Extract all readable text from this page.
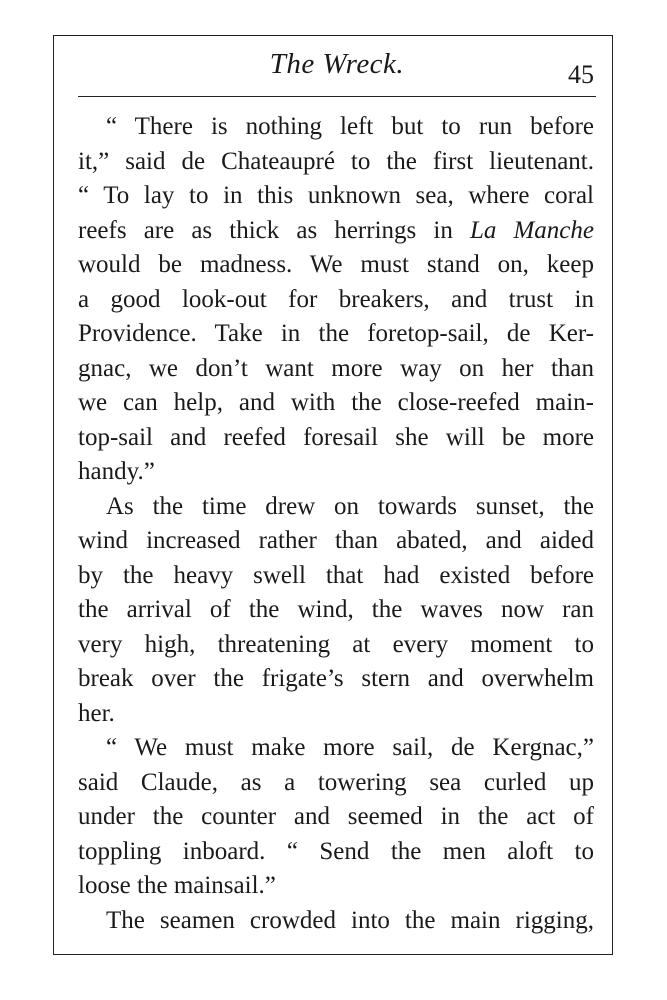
The Wreck.	45
“ There is nothing left but to run before
it,” said de Chateaupré to the first lieutenant.
“ To lay to in this unknown sea, where coral
reefs are as thick as herrings in La Manche
would be madness. We must stand on, keep
a good look-out for breakers, and trust in
Providence. Take in the foretop-sail, de Ker-
gnac, we don’t want more way on her than
we can help, and with the close-reefed main-
top-sail and reefed foresail she will be more
handy.”
As the time drew on towards sunset, the
wind increased rather than abated, and aided
by the heavy swell that had existed before
the arrival of the wind, the waves now ran
very high, threatening at every moment to
break over the frigate’s stern and overwhelm
her.
“ We must make more sail, de Kergnac,”
said Claude, as a towering sea curled up
under the counter and seemed in the act of
toppling inboard. “ Send the men aloft to
loose the mainsail.”
The seamen crowded into the main rigging,
